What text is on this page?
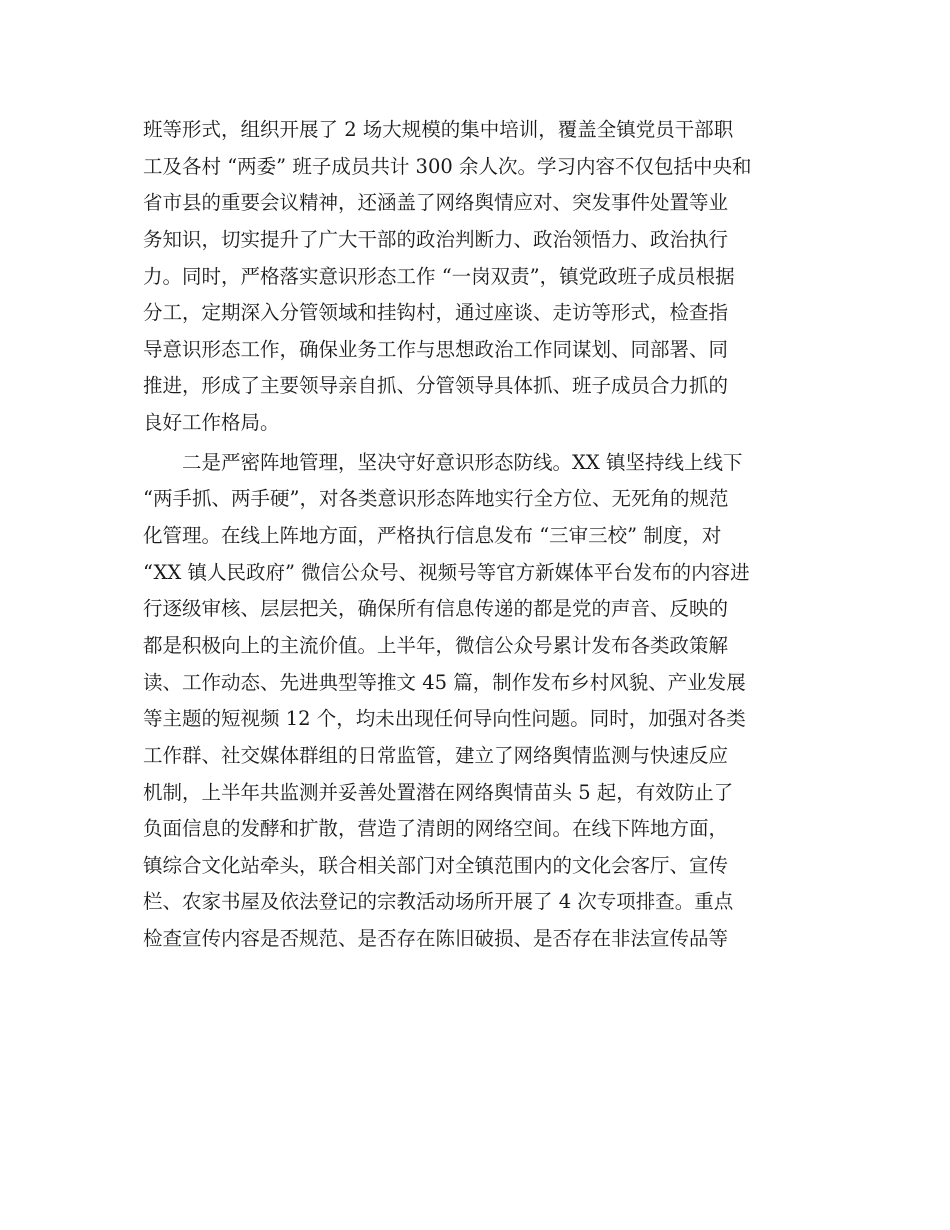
班等形式，组织开展了 2 场大规模的集中培训，覆盖全镇党员干部职
工及各村 “两委” 班子成员共计 300 余人次。学习内容不仅包括中央和
省市县的重要会议精神，还涵盖了网络舆情应对、突发事件处置等业
务知识，切实提升了广大干部的政治判断力、政治领悟力、政治执行
力。同时，严格落实意识形态工作 “一岗双责”，镇党政班子成员根据
分工，定期深入分管领域和挂钩村，通过座谈、走访等形式，检查指
导意识形态工作，确保业务工作与思想政治工作同谋划、同部署、同
推进，形成了主要领导亲自抓、分管领导具体抓、班子成员合力抓的
良好工作格局。
二是严密阵地管理，坚决守好意识形态防线。XX 镇坚持线上线下
“两手抓、两手硬”，对各类意识形态阵地实行全方位、无死角的规范
化管理。在线上阵地方面，严格执行信息发布 “三审三校” 制度，对
“XX 镇人民政府” 微信公众号、视频号等官方新媒体平台发布的内容进
行逐级审核、层层把关，确保所有信息传递的都是党的声音、反映的
都是积极向上的主流价值。上半年，微信公众号累计发布各类政策解
读、工作动态、先进典型等推文 45 篇，制作发布乡村风貌、产业发展
等主题的短视频 12 个，均未出现任何导向性问题。同时，加强对各类
工作群、社交媒体群组的日常监管，建立了网络舆情监测与快速反应
机制，上半年共监测并妥善处置潜在网络舆情苗头 5 起，有效防止了
负面信息的发酵和扩散，营造了清朗的网络空间。在线下阵地方面，
镇综合文化站牵头，联合相关部门对全镇范围内的文化会客厅、宣传
栏、农家书屋及依法登记的宗教活动场所开展了 4 次专项排查。重点
检查宣传内容是否规范、是否存在陈旧破损、是否存在非法宣传品等
